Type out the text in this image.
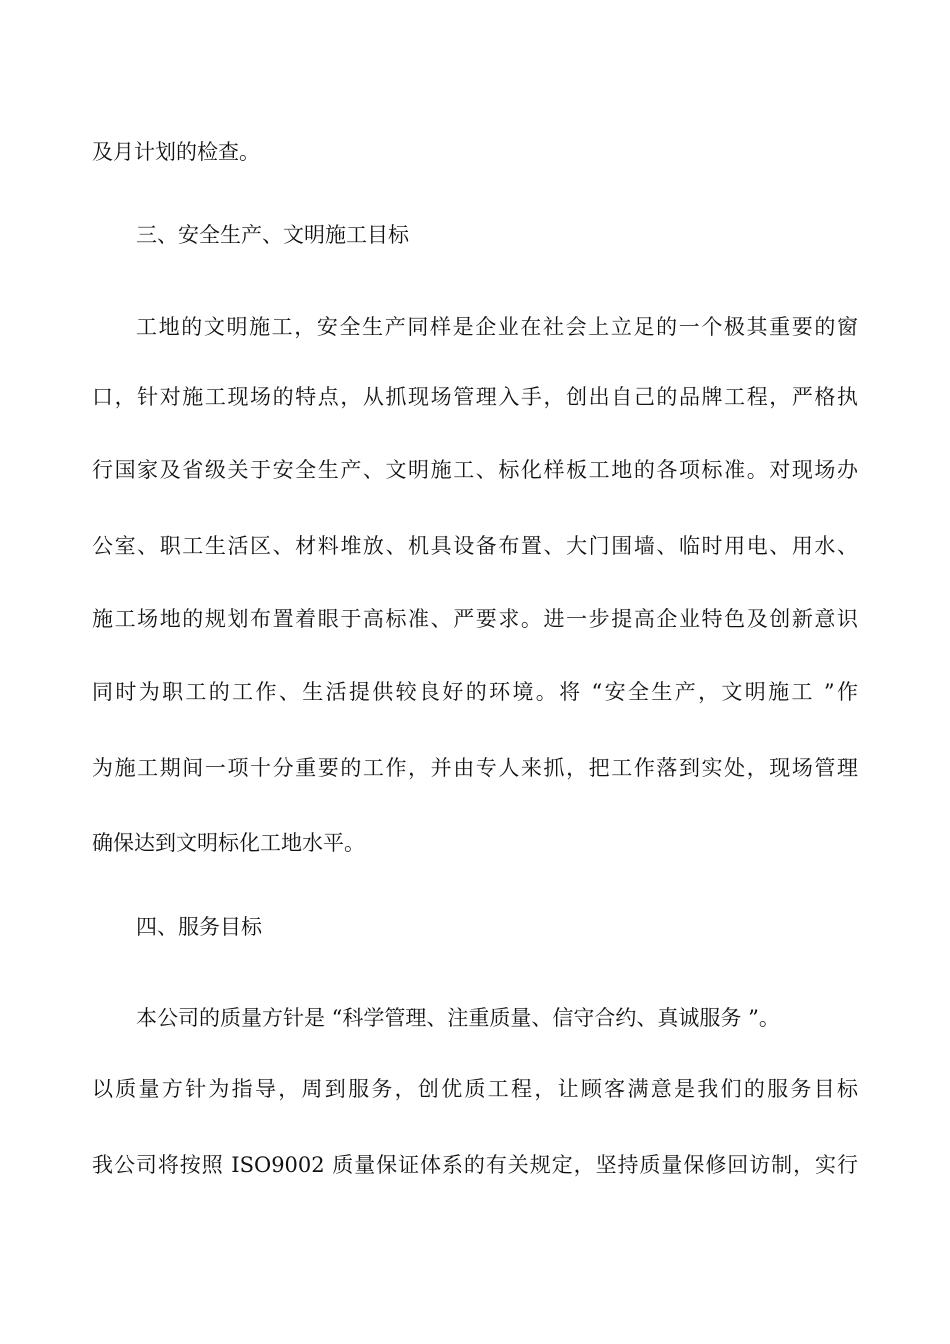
及月计划的检查。
三、安全生产、文明施工目标
工地的文明施工，安全生产同样是企业在社会上立足的一个极其重要的窗
口，针对施工现场的特点，从抓现场管理入手，创出自己的品牌工程，严格执
行国家及省级关于安全生产、文明施工、标化样板工地的各项标准。对现场办
公室、职工生活区、材料堆放、机具设备布置、大门围墙、临时用电、用水、
施工场地的规划布置着眼于高标准、严要求。进一步提高企业特色及创新意识
同时为职工的工作、生活提供较良好的环境。将 “安全生产，文明施工 ”作
为施工期间一项十分重要的工作，并由专人来抓，把工作落到实处，现场管理
确保达到文明标化工地水平。
四、服务目标
本公司的质量方针是 “科学管理、注重质量、信守合约、真诚服务 ”。
以质量方针为指导，周到服务，创优质工程，让顾客满意是我们的服务目标
我公司将按照 ISO9002 质量保证体系的有关规定，坚持质量保修回访制，实行
